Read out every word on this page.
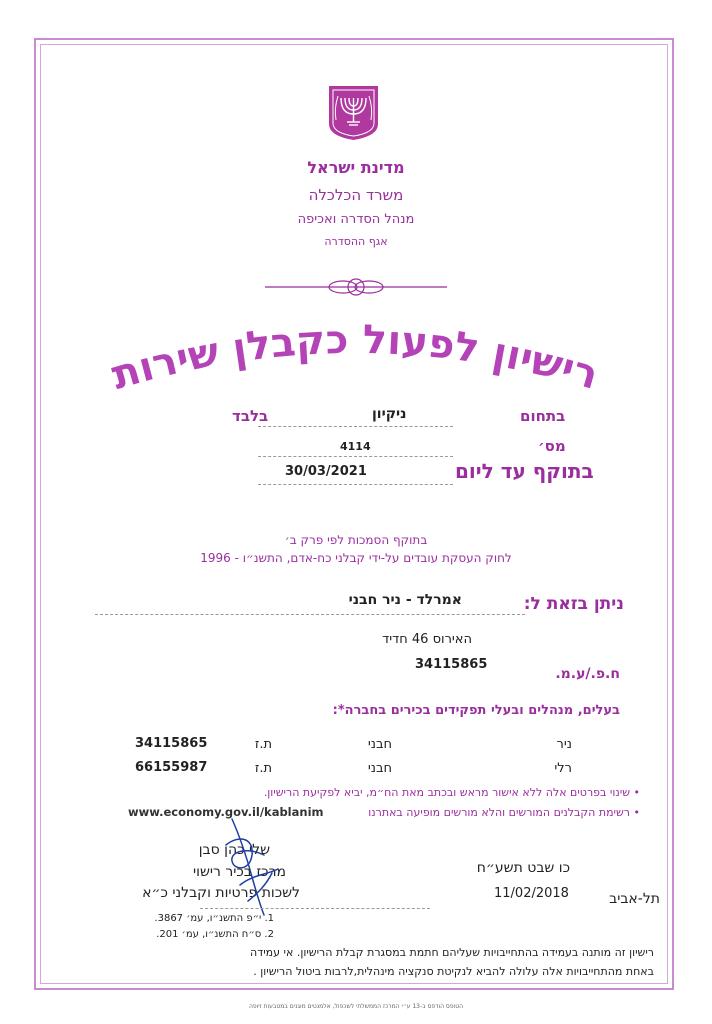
מדינת ישראל
משרד הכלכלה
מנהל הסדרה ואכיפה
אגף ההסדרה
רישיון לפעול כקבלן שירות
בתחום
ניקיון
בלבד
מס׳
4114
בתוקף עד ליום
30/03/2021
בתוקף הסמכות לפי פרק ב׳
לחוק העסקת עובדים על-ידי קבלני כח-אדם, התשנ״ו - 1996
ניתן בזאת ל:
אמרלד - ניר חבני
האירוס 46 חדיד
34115865
ח.פ./ע.מ.
בעלים, מנהלים ובעלי תפקידים בכירים בחברה*:
ניר
חבני
ת.ז
34115865
רלי
חבני
ת.ז
66155987
• שינוי בפרטים אלה ללא אישור מראש ובכתב מאת הח״מ, יביא לפקיעת הרישיון.
• רשימת הקבלנים המורשים והלא מורשים מופיעה באתרנו
www.economy.gov.il/kablanim
שלי כהן סבן
מרכז בכיר רישוי
לשכות פרטיות וקבלני כ״א
כו שבט תשע״ח
11/02/2018	תל-אביב
1. י״פ התשנ״ו, עמ׳ 3867.
2. ס״ח התשנ״ו, עמ׳ 201.
רישיון זה מותנה בעמידה בהתחייבויות שעליהם חתמת במסגרת קבלת הרישיון. אי עמידה
באחת מהתחייבויות אלה עלולה להביא לנקיטת סנקציה מינהלית,לרבות ביטול הרישיון .
הטופס הודפס ב-13 ע״י המרכז הממשלתי לשכפול, אלמנטים מוגנים במטבעות זיופה
